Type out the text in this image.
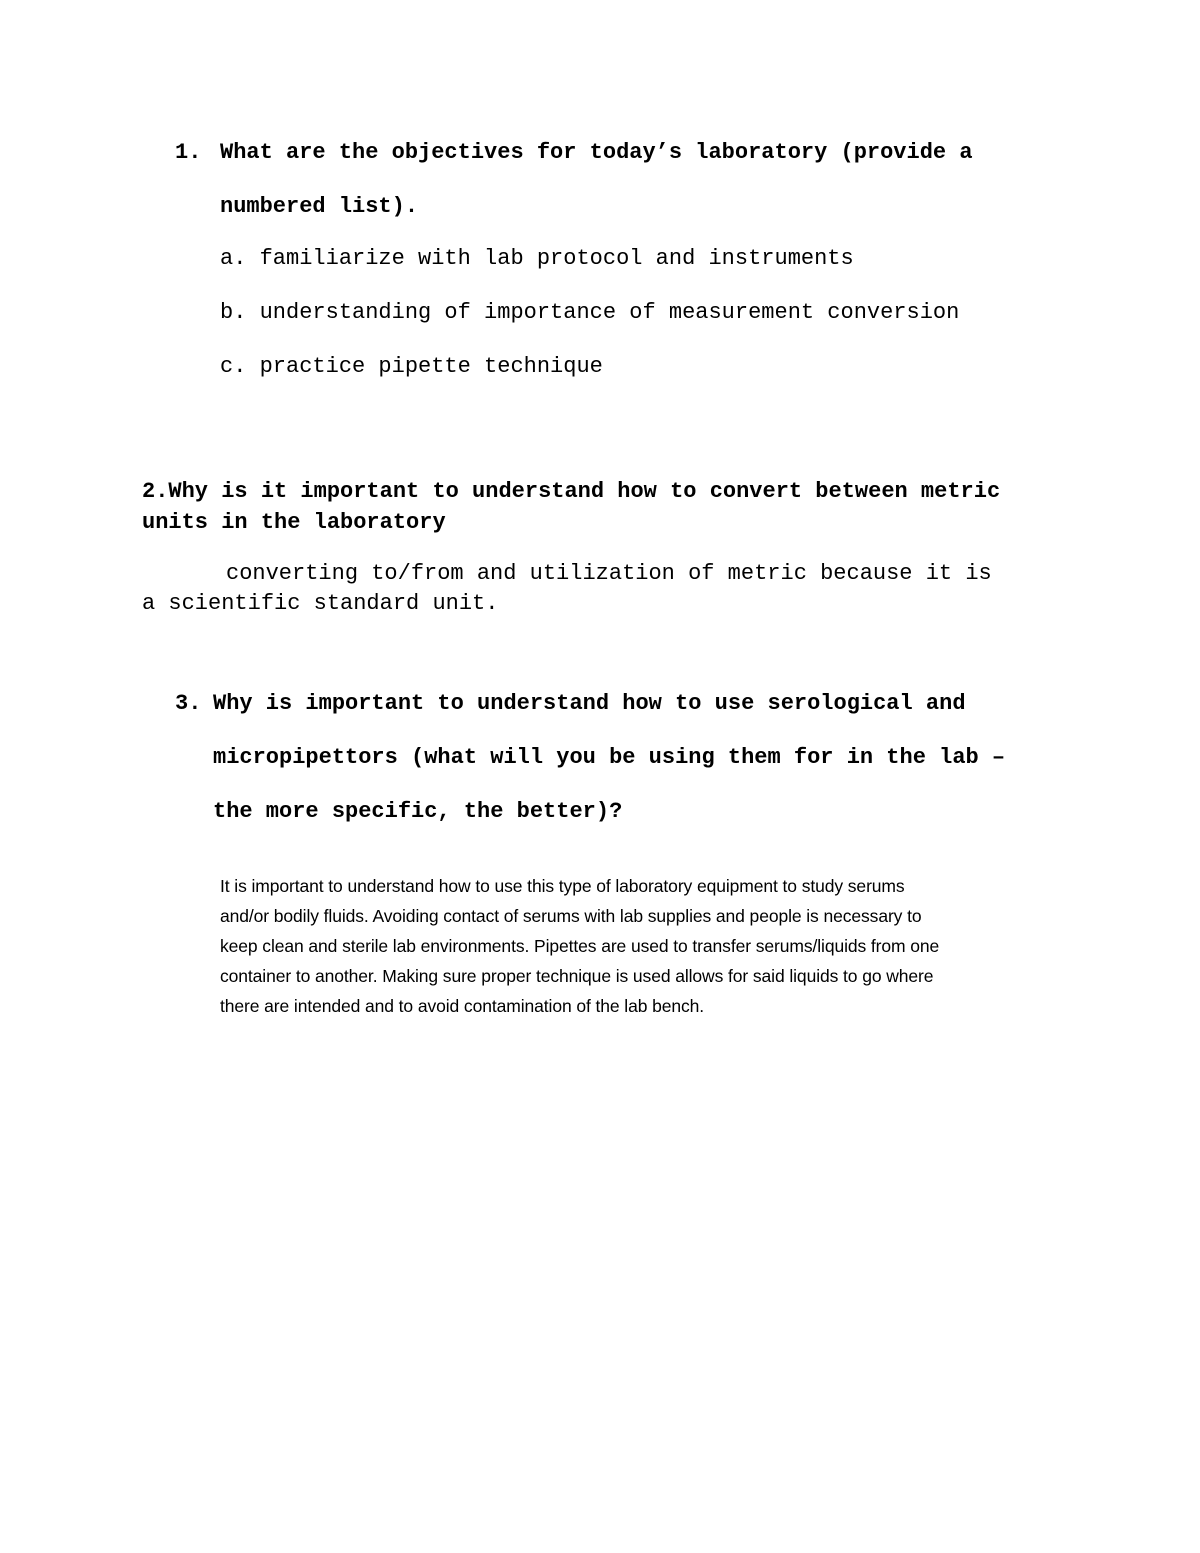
1. What are the objectives for today’s laboratory (provide a
numbered list).
a. familiarize with lab protocol and instruments
b. understanding of importance of measurement conversion
c. practice pipette technique
2.Why is it important to understand how to convert between metric
units in the laboratory
converting to/from and utilization of metric because it is
a scientific standard unit.
3. Why is important to understand how to use serological and
micropipettors (what will you be using them for in the lab –
the more specific, the better)?
It is important to understand how to use this type of laboratory equipment to study serums
and/or bodily fluids. Avoiding contact of serums with lab supplies and people is necessary to
keep clean and sterile lab environments. Pipettes are used to transfer serums/liquids from one
container to another. Making sure proper technique is used allows for said liquids to go where
there are intended and to avoid contamination of the lab bench.
